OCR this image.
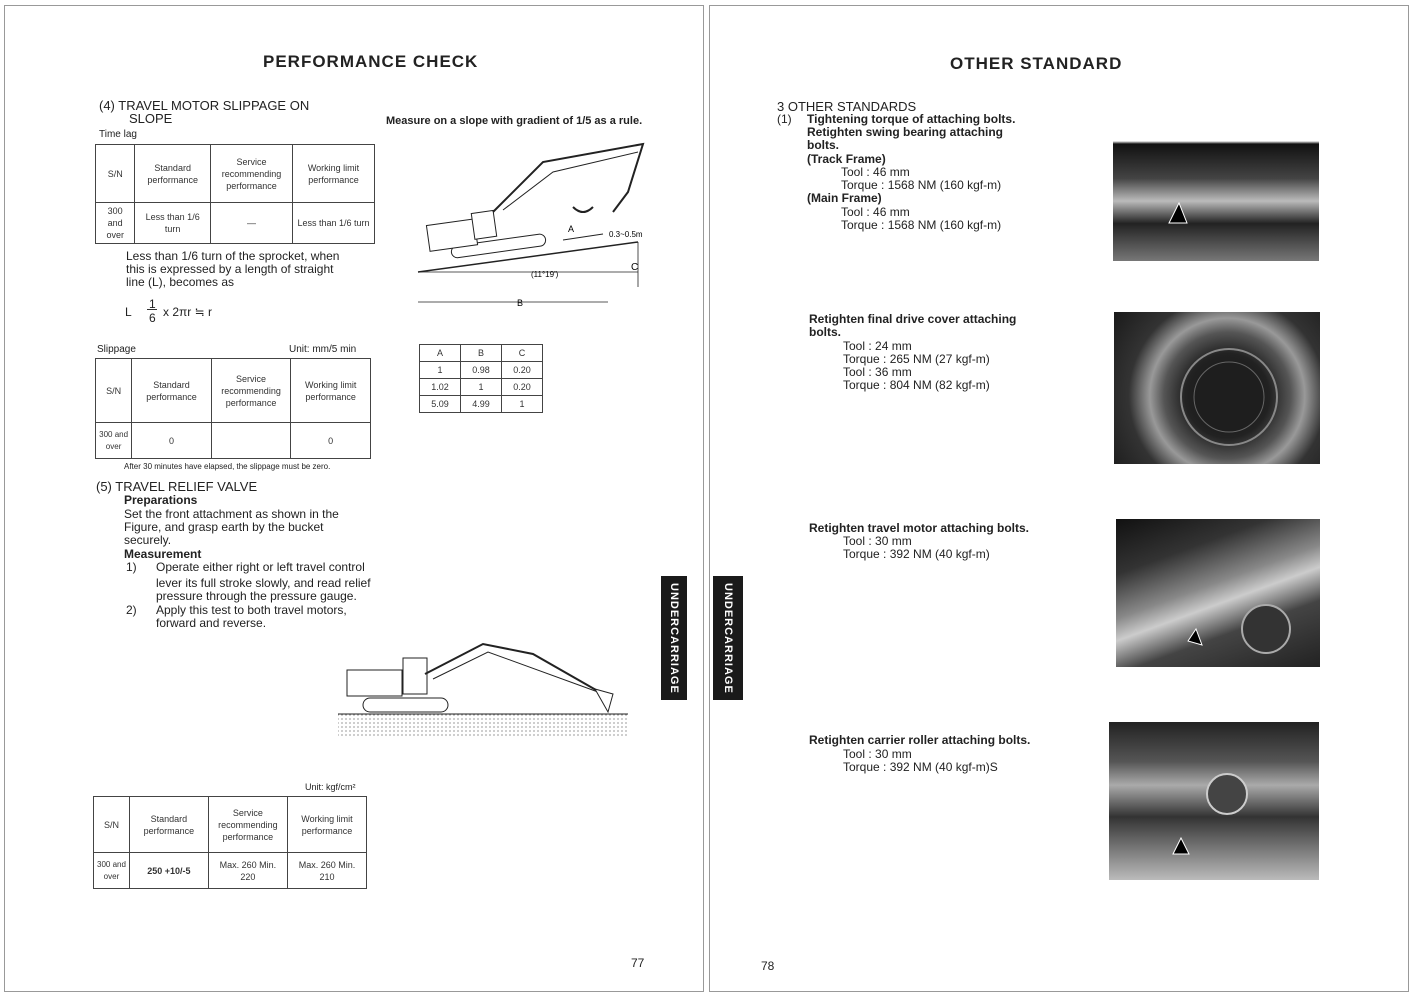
PERFORMANCE CHECK
(4) TRAVEL MOTOR SLIPPAGE ON
SLOPE
Time lag
Measure on a slope with gradient of 1/5 as a rule.
S/N	Standard performance	Service recommending performance	Working limit performance
300 and over	Less than 1/6 turn	—	Less than 1/6 turn
Less than 1/6 turn of the sprocket, when
this is expressed by a length of straight
line (L), becomes as
L
1
6 x 2πr ≒ r
Slippage	Unit: mm/5 min
S/N	Standard performance	Service recommending performance	Working limit performance
300 and over	0		0
After 30 minutes have elapsed, the slippage must be zero.
A
0.3~0.5m
(11°19')
C
B
A	B	C
1	0.98	0.20
1.02	1	0.20
5.09	4.99	1
(5) TRAVEL RELIEF VALVE
Preparations
Set the front attachment as shown in the
Figure, and grasp earth by the bucket
securely.
Measurement
1) Operate either right or left travel control
lever its full stroke slowly, and read relief
pressure through the pressure gauge.
2) Apply this test to both travel motors,
forward and reverse.
Unit: kgf/cm²
S/N	Standard performance	Service recommending performance	Working limit performance
300 and over	250 +10/-5	Max. 260 Min. 220	Max. 260 Min. 210
UNDERCARRIAGE
77
OTHER STANDARD
UNDERCARRIAGE
3 OTHER STANDARDS
(1) Tightening torque of attaching bolts.
Retighten swing bearing attaching
bolts.
(Track Frame)
Tool : 46 mm
Torque : 1568 NM (160 kgf-m)
(Main Frame)
Tool : 46 mm
Torque : 1568 NM (160 kgf-m)
Retighten final drive cover attaching
bolts.
Tool : 24 mm
Torque : 265 NM (27 kgf-m)
Tool : 36 mm
Torque : 804 NM (82 kgf-m)
Retighten travel motor attaching bolts.
Tool : 30 mm
Torque : 392 NM (40 kgf-m)
Retighten carrier roller attaching bolts.
Tool : 30 mm
Torque : 392 NM (40 kgf-m)S
78
